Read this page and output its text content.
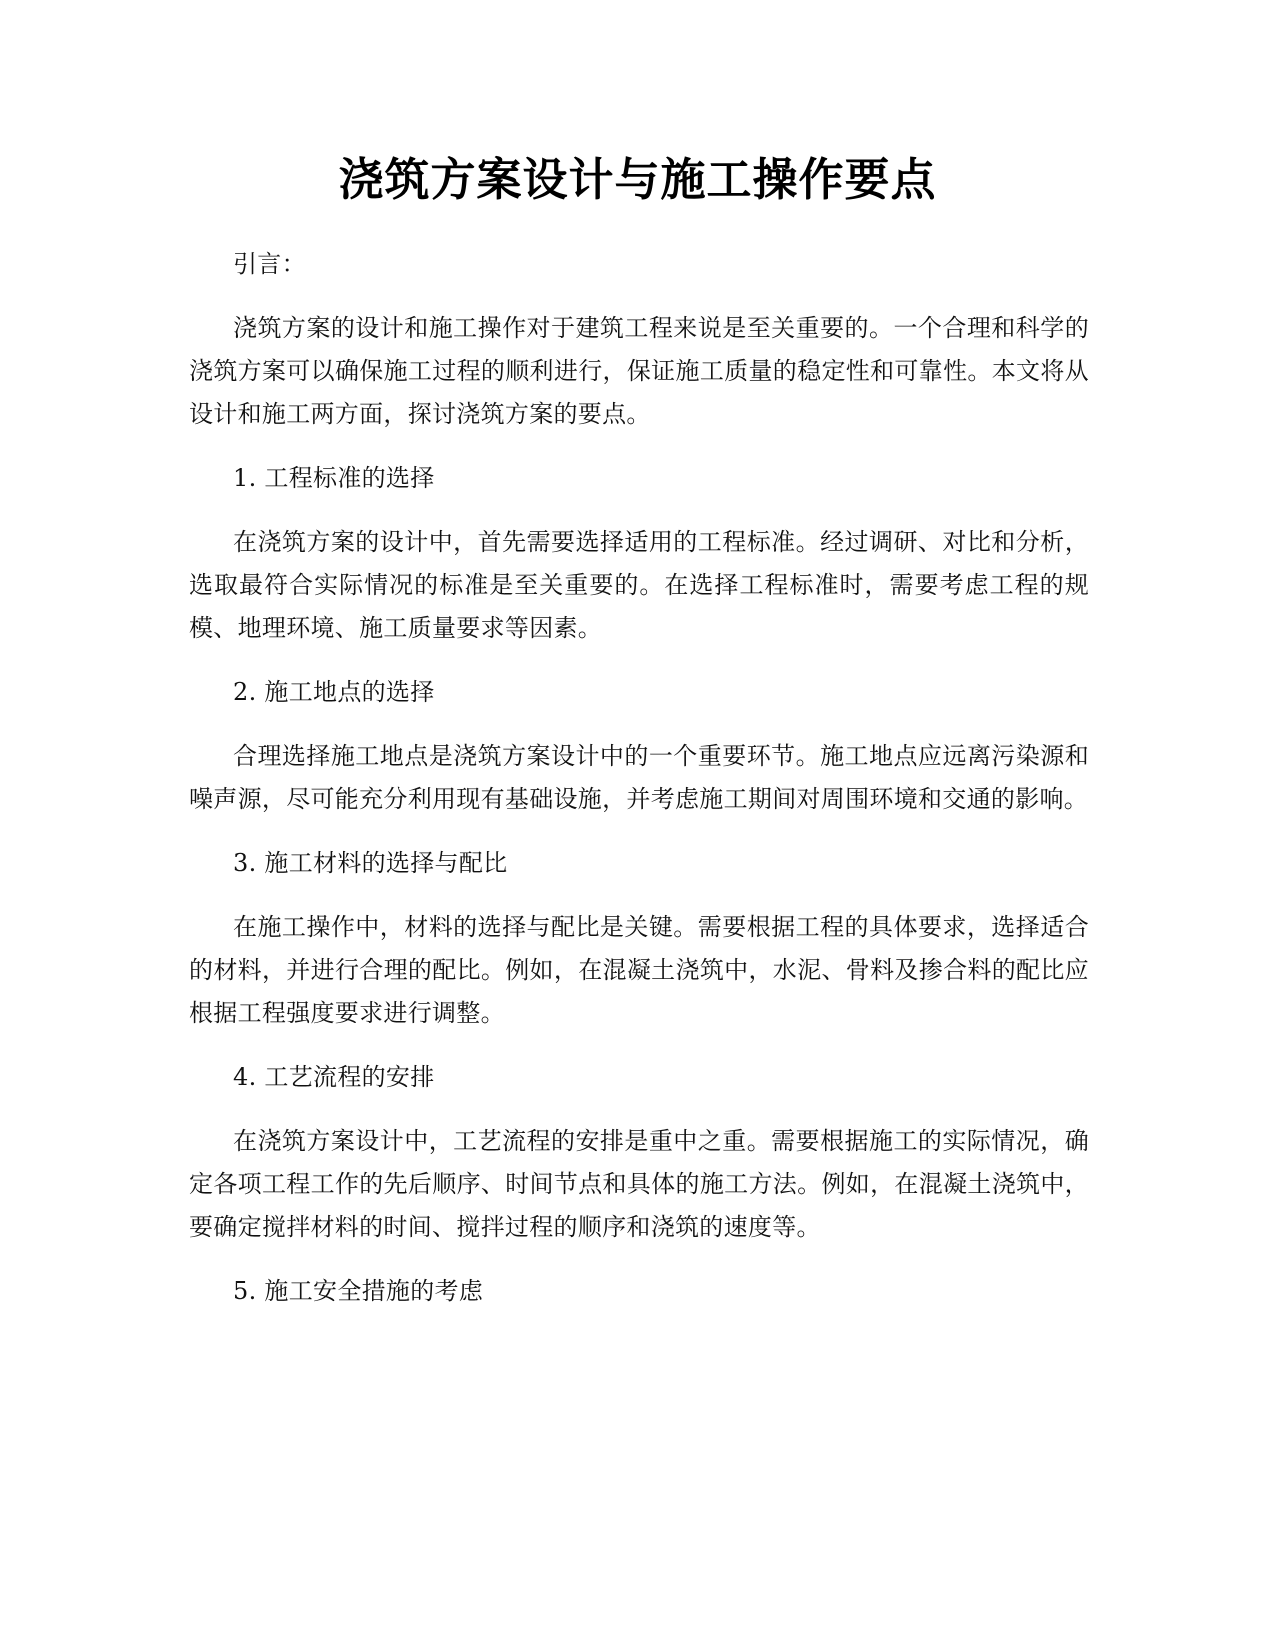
浇筑方案设计与施工操作要点

引言：

浇筑方案的设计和施工操作对于建筑工程来说是至关重要的。一个合理和科学的浇筑方案可以确保施工过程的顺利进行，保证施工质量的稳定性和可靠性。本文将从设计和施工两方面，探讨浇筑方案的要点。

1. 工程标准的选择

在浇筑方案的设计中，首先需要选择适用的工程标准。经过调研、对比和分析，选取最符合实际情况的标准是至关重要的。在选择工程标准时，需要考虑工程的规模、地理环境、施工质量要求等因素。

2. 施工地点的选择

合理选择施工地点是浇筑方案设计中的一个重要环节。施工地点应远离污染源和噪声源，尽可能充分利用现有基础设施，并考虑施工期间对周围环境和交通的影响。

3. 施工材料的选择与配比

在施工操作中，材料的选择与配比是关键。需要根据工程的具体要求，选择适合的材料，并进行合理的配比。例如，在混凝土浇筑中，水泥、骨料及掺合料的配比应根据工程强度要求进行调整。

4. 工艺流程的安排

在浇筑方案设计中，工艺流程的安排是重中之重。需要根据施工的实际情况，确定各项工程工作的先后顺序、时间节点和具体的施工方法。例如，在混凝土浇筑中，要确定搅拌材料的时间、搅拌过程的顺序和浇筑的速度等。

5. 施工安全措施的考虑
